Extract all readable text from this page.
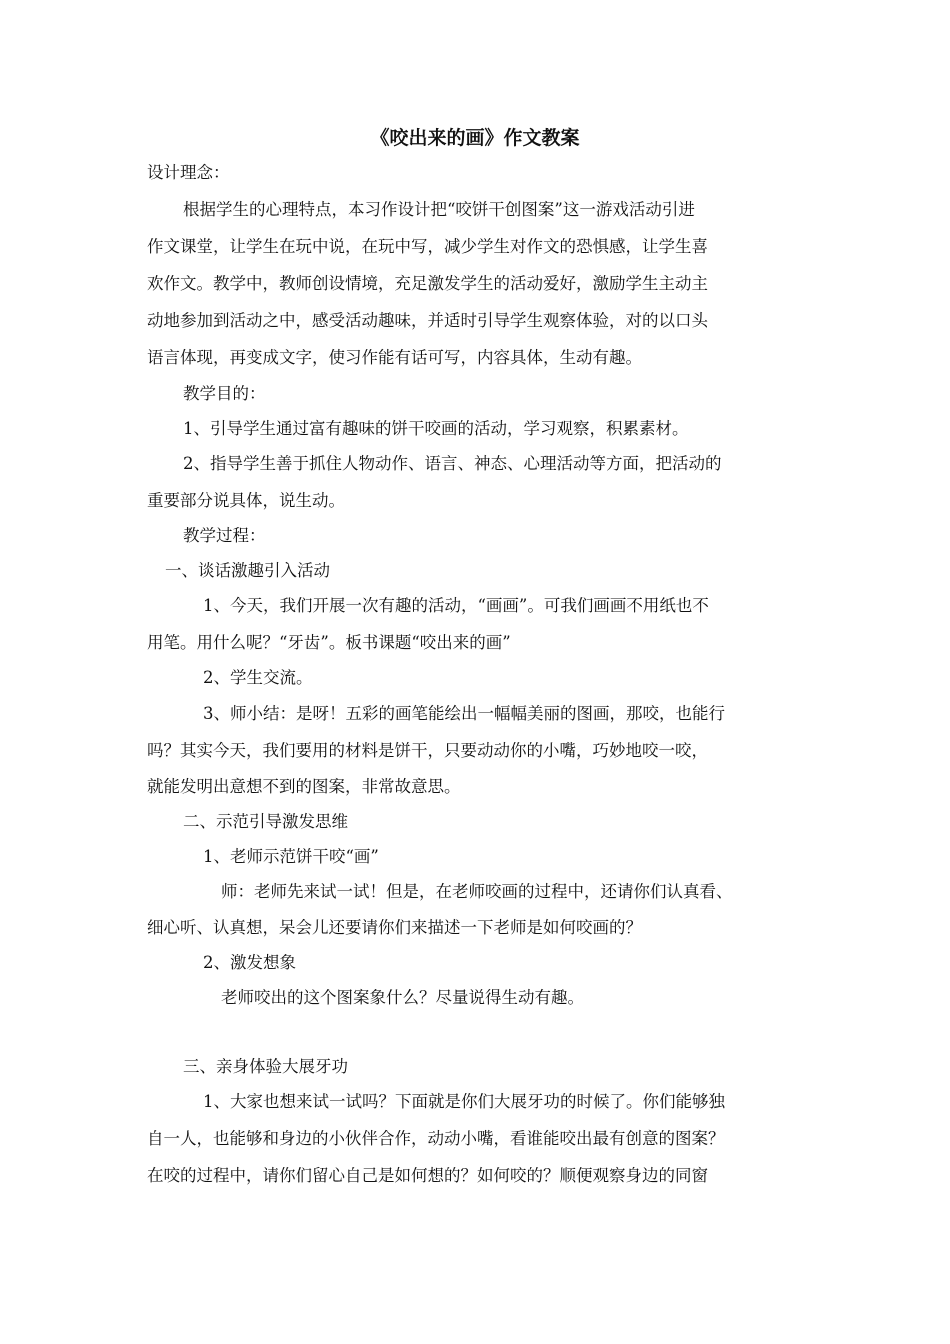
《咬出来的画》作文教案
设计理念：
根据学生的心理特点，本习作设计把“咬饼干创图案”这一游戏活动引进
作文课堂，让学生在玩中说，在玩中写，减少学生对作文的恐惧感，让学生喜
欢作文。教学中，教师创设情境，充足激发学生的活动爱好，激励学生主动主
动地参加到活动之中，感受活动趣味，并适时引导学生观察体验，对的以口头
语言体现，再变成文字，使习作能有话可写，内容具体，生动有趣。
教学目的：
1、引导学生通过富有趣味的饼干咬画的活动，学习观察，积累素材。
2、指导学生善于抓住人物动作、语言、神态、心理活动等方面，把活动的
重要部分说具体，说生动。
教学过程：
一、谈话激趣引入活动
1、今天，我们开展一次有趣的活动，“画画”。可我们画画不用纸也不
用笔。用什么呢？“牙齿”。板书课题“咬出来的画”
2、学生交流。
3、师小结：是呀！五彩的画笔能绘出一幅幅美丽的图画，那咬，也能行
吗？其实今天，我们要用的材料是饼干，只要动动你的小嘴，巧妙地咬一咬，
就能发明出意想不到的图案，非常故意思。
二、示范引导激发思维
1、老师示范饼干咬“画”
师：老师先来试一试！但是，在老师咬画的过程中，还请你们认真看、
细心听、认真想，呆会儿还要请你们来描述一下老师是如何咬画的？
2、激发想象
老师咬出的这个图案象什么？尽量说得生动有趣。
三、亲身体验大展牙功
1、大家也想来试一试吗？下面就是你们大展牙功的时候了。你们能够独
自一人，也能够和身边的小伙伴合作，动动小嘴，看谁能咬出最有创意的图案？
在咬的过程中，请你们留心自己是如何想的？如何咬的？顺便观察身边的同窗
